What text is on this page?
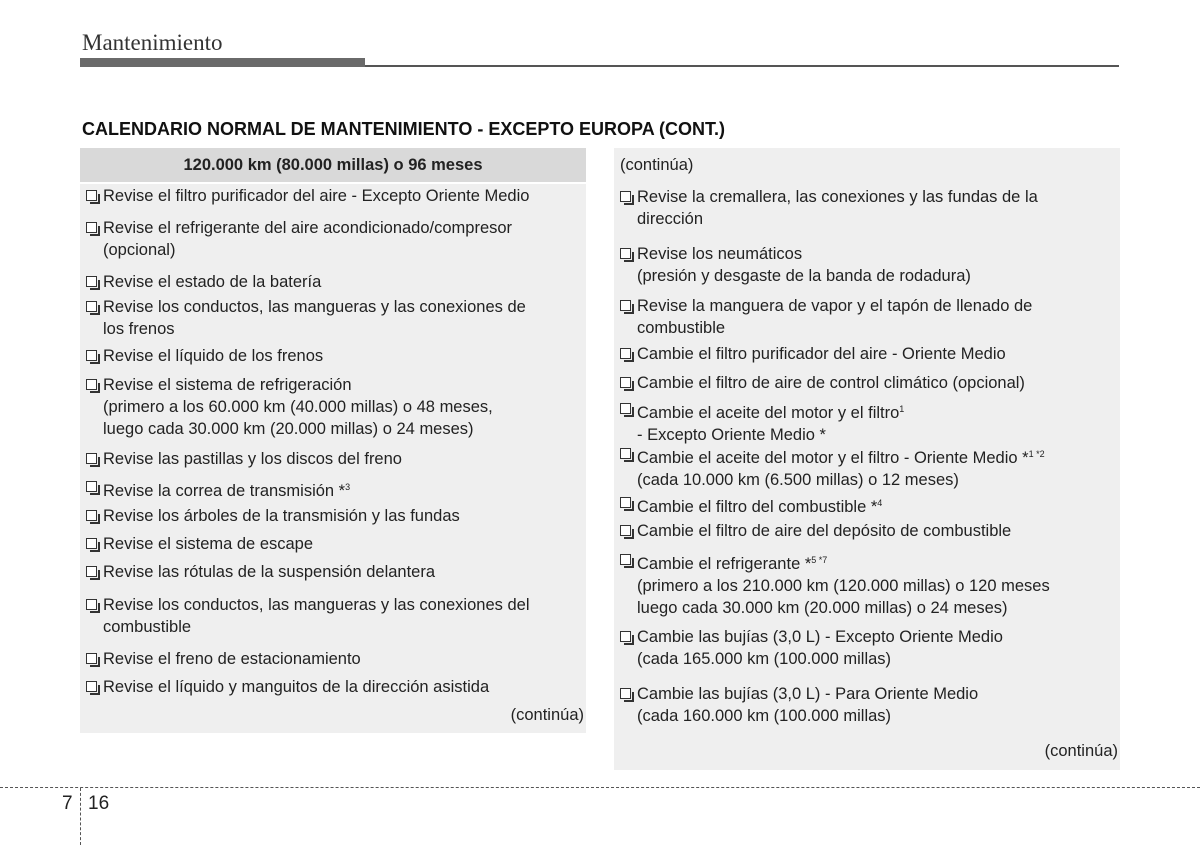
Mantenimiento
CALENDARIO NORMAL DE MANTENIMIENTO - EXCEPTO EUROPA (CONT.)
120.000 km (80.000 millas) o 96 meses
Revise el filtro purificador del aire - Excepto Oriente Medio
Revise el refrigerante del aire acondicionado/compresor
(opcional)
Revise el estado de la batería
Revise los conductos, las mangueras y las conexiones de
los frenos
Revise el líquido de los frenos
Revise el sistema de refrigeración
(primero a los 60.000 km (40.000 millas) o 48 meses,
luego cada 30.000 km (20.000 millas) o 24 meses)
Revise las pastillas y los discos del freno
Revise la correa de transmisión *$^3$
Revise los árboles de la transmisión y las fundas
Revise el sistema de escape
Revise las rótulas de la suspensión delantera
Revise los conductos, las mangueras y las conexiones del
combustible
Revise el freno de estacionamiento
Revise el líquido y manguitos de la dirección asistida
(continúa)
(continúa)
Revise la cremallera, las conexiones y las fundas de la
dirección
Revise los neumáticos
(presión y desgaste de la banda de rodadura)
Revise la manguera de vapor y el tapón de llenado de
combustible
Cambie el filtro purificador del aire - Oriente Medio
Cambie el filtro de aire de control climático (opcional)
Cambie el aceite del motor y el filtro$^1$
- Excepto Oriente Medio *
Cambie el aceite del motor y el filtro - Oriente Medio *$^{1 *2}$
(cada 10.000 km (6.500 millas) o 12 meses)
Cambie el filtro del combustible *$^4$
Cambie el filtro de aire del depósito de combustible
Cambie el refrigerante *$^{5 *7}$
(primero a los 210.000 km (120.000 millas) o 120 meses
luego cada 30.000 km (20.000 millas) o 24 meses)
Cambie las bujías (3,0 L) - Excepto Oriente Medio
(cada 165.000 km (100.000 millas)
Cambie las bujías (3,0 L) - Para Oriente Medio
(cada 160.000 km (100.000 millas)
(continúa)
7 16
